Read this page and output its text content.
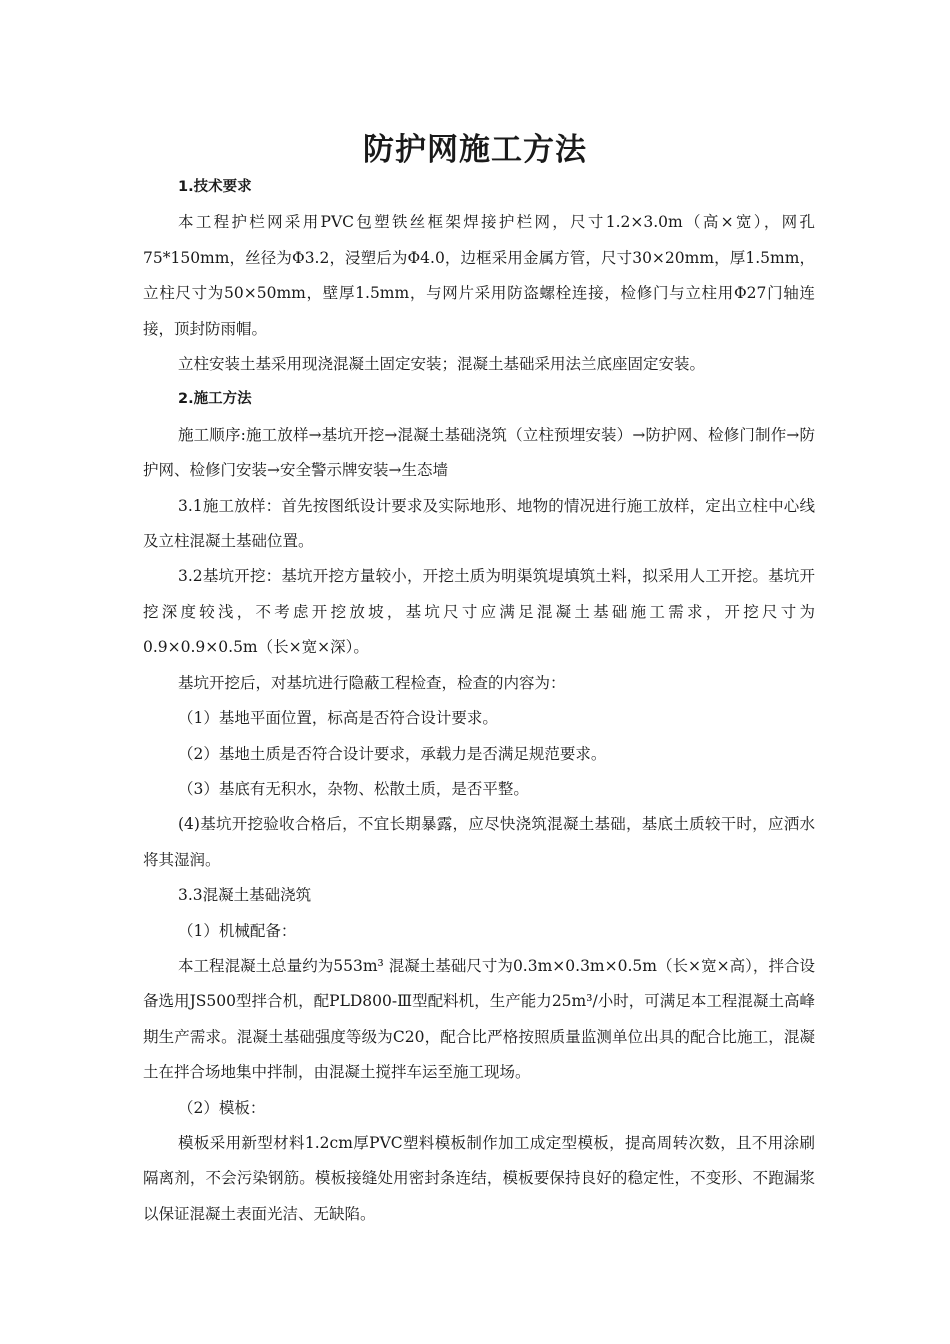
防护网施工方法

1.技术要求

本工程护栏网采用PVC包塑铁丝框架焊接护栏网，尺寸1.2×3.0m（高×宽），网孔75*150mm，丝径为Φ3.2，浸塑后为Φ4.0，边框采用金属方管，尺寸30×20mm，厚1.5mm，立柱尺寸为50×50mm，壁厚1.5mm，与网片采用防盗螺栓连接，检修门与立柱用Φ27门轴连接，顶封防雨帽。

立柱安装土基采用现浇混凝土固定安装；混凝土基础采用法兰底座固定安装。

2.施工方法

施工顺序:施工放样→基坑开挖→混凝土基础浇筑（立柱预埋安装）→防护网、检修门制作→防护网、检修门安装→安全警示牌安装→生态墙

3.1施工放样：首先按图纸设计要求及实际地形、地物的情况进行施工放样，定出立柱中心线及立柱混凝土基础位置。

3.2基坑开挖：基坑开挖方量较小，开挖土质为明渠筑堤填筑土料，拟采用人工开挖。基坑开挖深度较浅，不考虑开挖放坡，基坑尺寸应满足混凝土基础施工需求，开挖尺寸为0.9×0.9×0.5m（长×宽×深）。

基坑开挖后，对基坑进行隐蔽工程检查，检查的内容为：

（1）基地平面位置，标高是否符合设计要求。

（2）基地土质是否符合设计要求，承载力是否满足规范要求。

（3）基底有无积水，杂物、松散土质，是否平整。

(4)基坑开挖验收合格后，不宜长期暴露，应尽快浇筑混凝土基础，基底土质较干时，应洒水将其湿润。

3.3混凝土基础浇筑

（1）机械配备：

本工程混凝土总量约为553m³ 混凝土基础尺寸为0.3m×0.3m×0.5m（长×宽×高），拌合设备选用JS500型拌合机，配PLD800-Ⅲ型配料机，生产能力25m³/小时，可满足本工程混凝土高峰期生产需求。混凝土基础强度等级为C20，配合比严格按照质量监测单位出具的配合比施工，混凝土在拌合场地集中拌制，由混凝土搅拌车运至施工现场。

（2）模板：

模板采用新型材料1.2cm厚PVC塑料模板制作加工成定型模板，提高周转次数，且不用涂刷隔离剂，不会污染钢筋。模板接缝处用密封条连结，模板要保持良好的稳定性，不变形、不跑漏浆以保证混凝土表面光洁、无缺陷。
